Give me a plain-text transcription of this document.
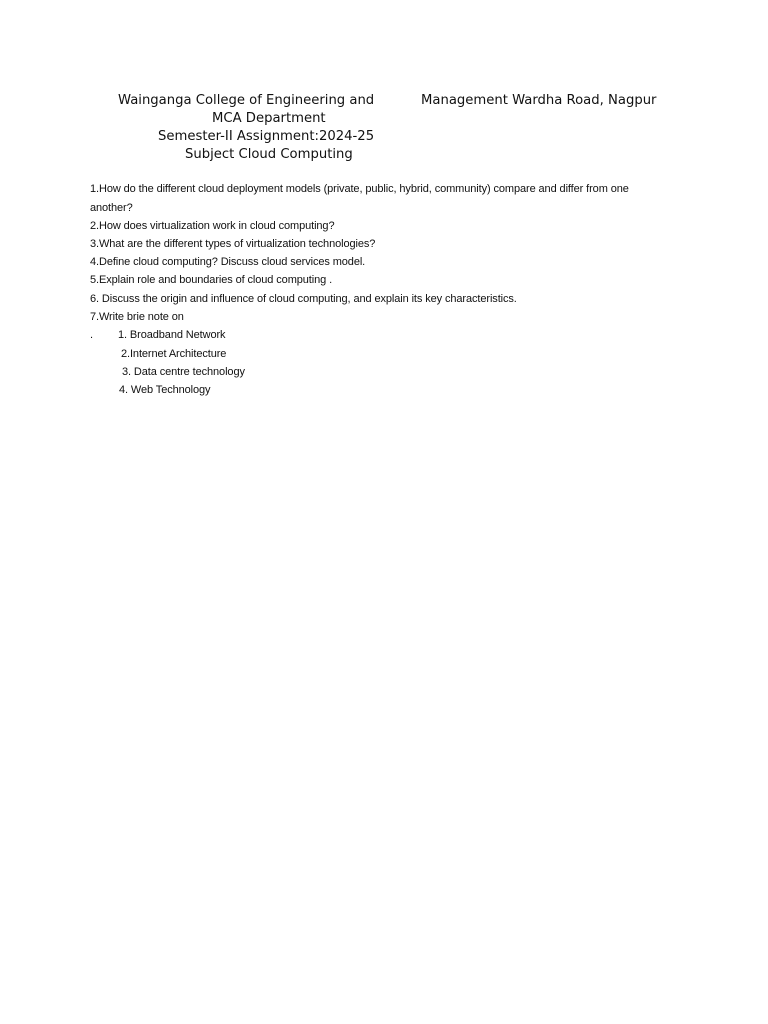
Wainganga College of Engineering and	Management Wardha Road, Nagpur
MCA Department
Semester-II Assignment:2024-25
Subject Cloud Computing
1.How do the different cloud deployment models (private, public, hybrid, community) compare and differ from one
another?
2.How does virtualization work in cloud computing?
3.What are the different types of virtualization technologies?
4.Define cloud computing? Discuss cloud services model.
5.Explain role and boundaries of cloud computing .
6. Discuss the origin and influence of cloud computing, and explain its key characteristics.
7.Write brie note on
. 1. Broadband Network
2.Internet Architecture
3. Data centre technology
4. Web Technology
